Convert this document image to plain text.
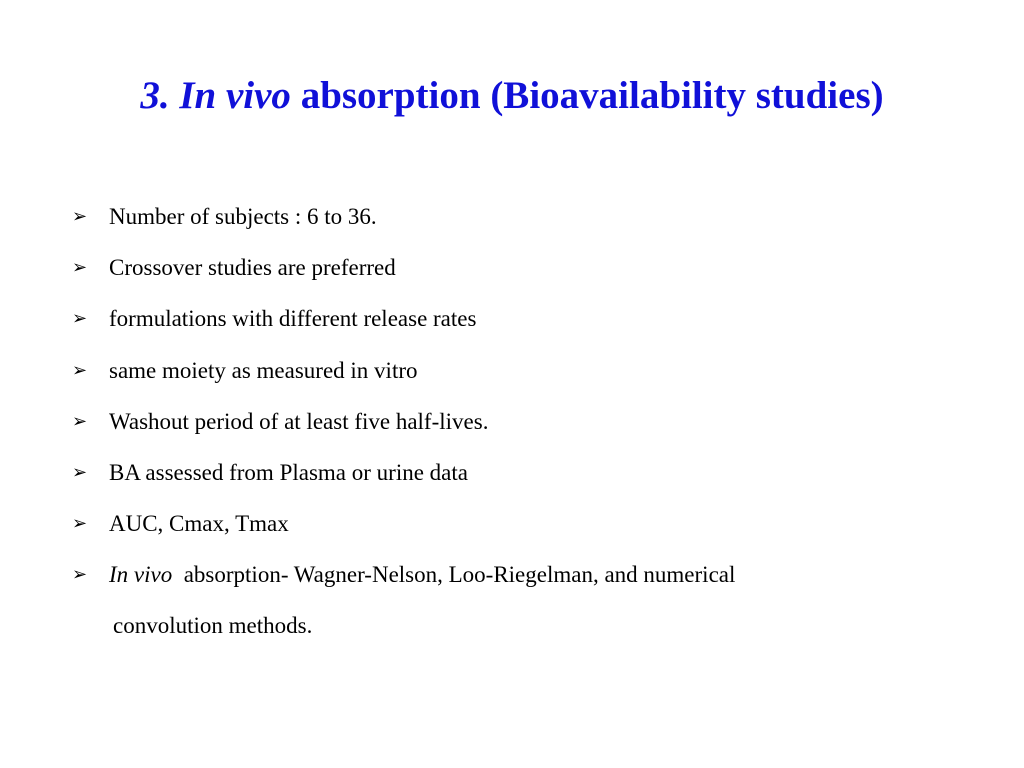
3. In vivo absorption (Bioavailability studies)
➢ Number of subjects : 6 to 36.
➢ Crossover studies are preferred
➢ formulations with different release rates
➢ same moiety as measured in vitro
➢ Washout period of at least five half-lives.
➢ BA assessed from Plasma or urine data
➢ AUC, Cmax, Tmax
➢ In vivo absorption- Wagner-Nelson, Loo-Riegelman, and numerical
convolution methods.
